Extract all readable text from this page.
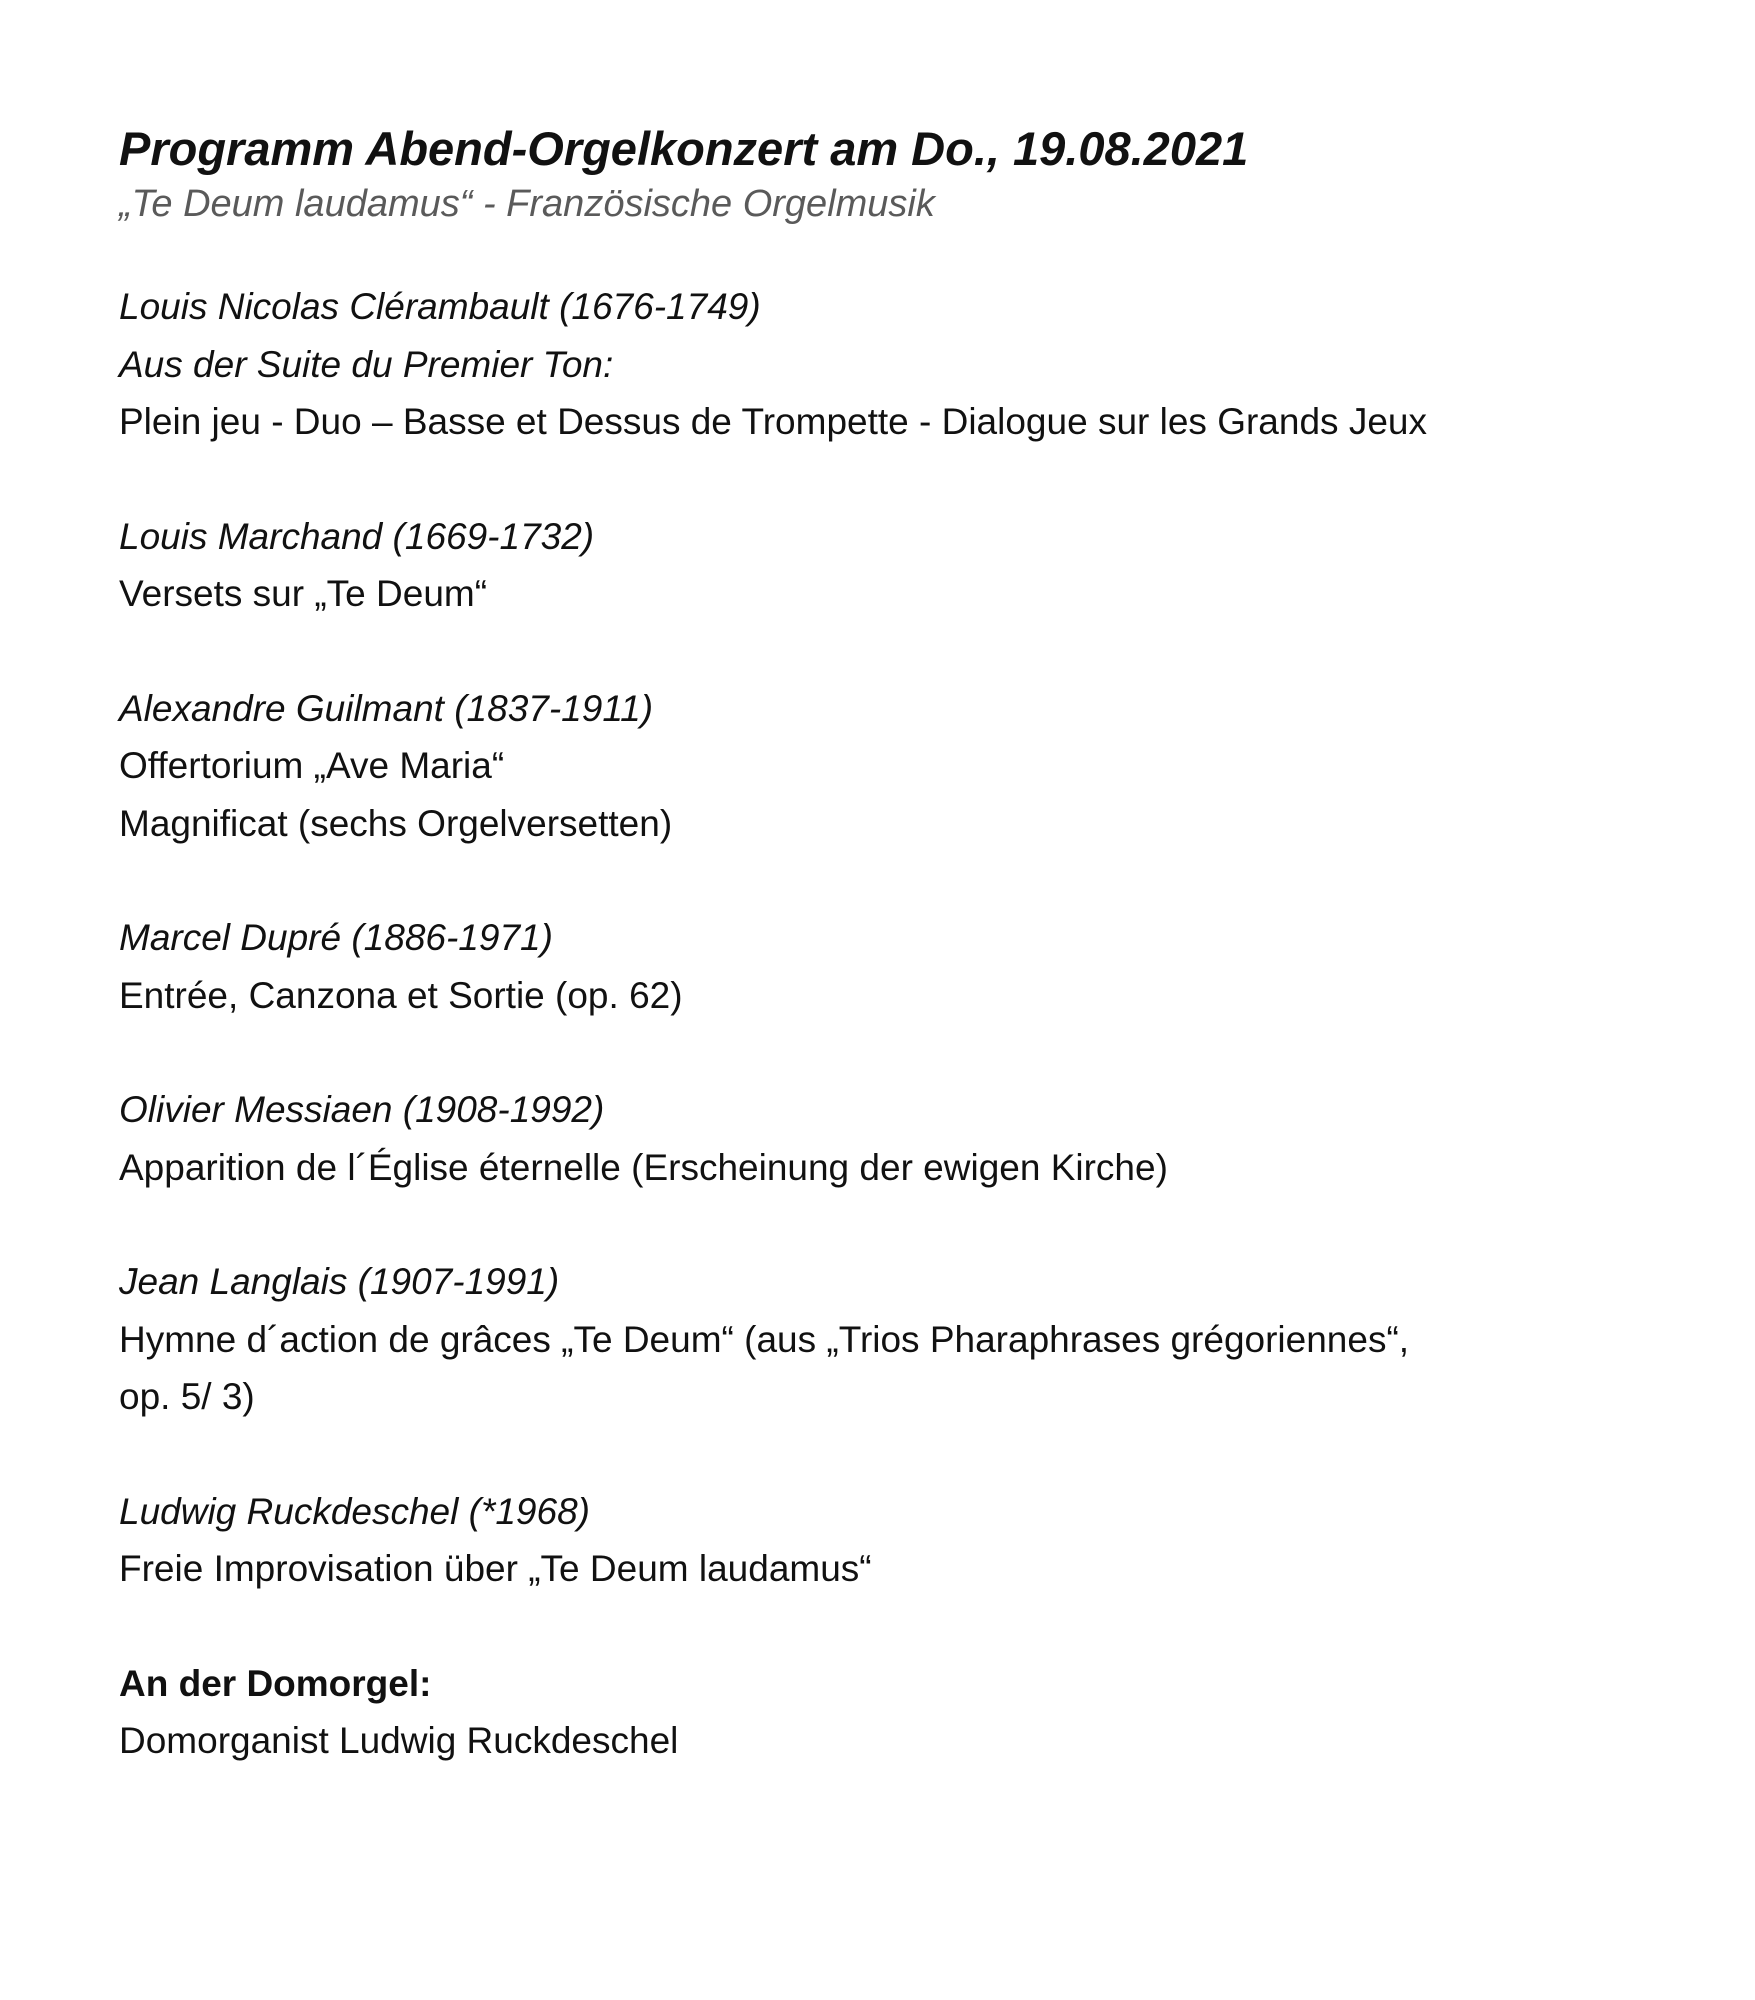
Programm Abend-Orgelkonzert am Do., 19.08.2021
„Te Deum laudamus“ - Französische Orgelmusik
Louis Nicolas Clérambault (1676-1749)
Aus der Suite du Premier Ton:
Plein jeu - Duo – Basse et Dessus de Trompette - Dialogue sur les Grands Jeux
Louis Marchand (1669-1732)
Versets sur „Te Deum“
Alexandre Guilmant (1837-1911)
Offertorium „Ave Maria“
Magnificat (sechs Orgelversetten)
Marcel Dupré (1886-1971)
Entrée, Canzona et Sortie (op. 62)
Olivier Messiaen (1908-1992)
Apparition de l´Église éternelle (Erscheinung der ewigen Kirche)
Jean Langlais (1907-1991)
Hymne d´action de grâces „Te Deum“ (aus „Trios Pharaphrases grégoriennes“,
op. 5/ 3)
Ludwig Ruckdeschel (*1968)
Freie Improvisation über „Te Deum laudamus“
An der Domorgel:
Domorganist Ludwig Ruckdeschel
